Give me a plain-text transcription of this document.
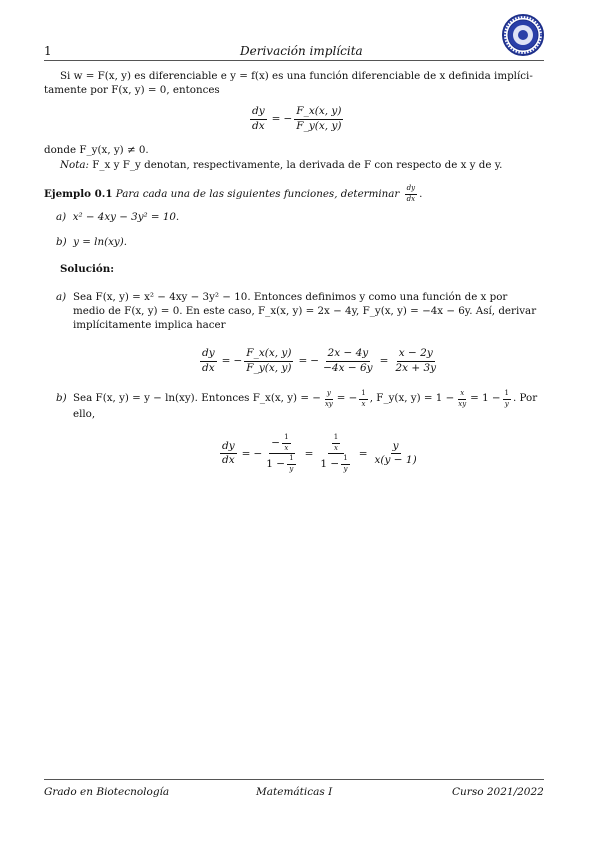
1	Derivación implícita
Si w = F(x, y) es diferenciable e y = f(x) es una función diferenciable de x definida implíci-
tamente por F(x, y) = 0, entonces
$\frac{dy}{dx}$ = − $\frac{F\_x(x, y)}{F\_y(x, y)}$
donde F_y(x, y) ≠ 0.
Nota: F_x y F_y denotan, respectivamente, la derivada de F con respecto de x y de y.
Ejemplo 0.1 Para cada una de las siguientes funciones, determinar $\frac{dy}{dx}$ .
a) x² − 4xy − 3y² = 10.
b) y = ln(xy).
Solución:
a) Sea F(x, y) = x² − 4xy − 3y² − 10. Entonces definimos y como una función de x por
medio de F(x, y) = 0. En este caso, F_x(x, y) = 2x − 4y, F_y(x, y) = −4x − 6y. Así, derivar
implícitamente implica hacer
$\frac{dy}{dx}$ = − $\frac{F\_x(x, y)}{F\_y(x, y)}$ = − $\frac{2x - 4y}{-4x - 6y} = \frac{x - 2y}{2x + 3y}$
b) Sea F(x, y) = y − ln(xy). Entonces F_x(x, y) = − $\frac{y}{xy}$ = − $\frac{1}{x}$ , F_y(x, $y) = 1 - \frac{x}{xy} = 1 - \frac{1}{y}$ . Por
ello,
$\frac{dy}{dx}$ = − $\frac{- \frac{1}{x}}{1 - \frac{1}{y}} = \frac{\frac{1}{x}}{1 - \frac{1}{y}} = \frac{y}{x(y - 1)}$
Grado en Biotecnología	Matemáticas I	Curso 2021/2022
